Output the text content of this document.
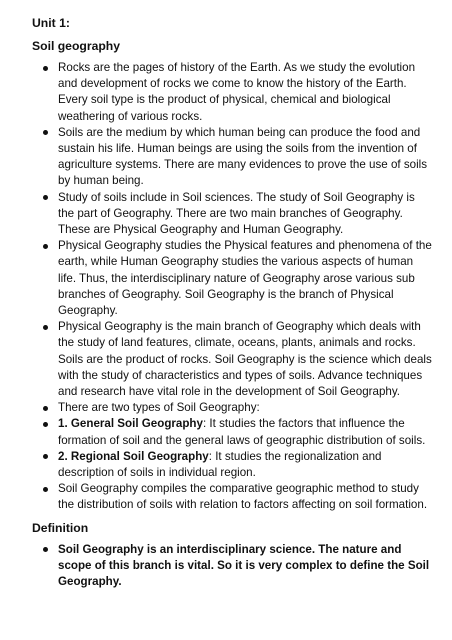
Unit 1:
Soil geography
Rocks are the pages of history of the Earth. As we study the evolution and development of rocks we come to know the history of the Earth. Every soil type is the product of physical, chemical and biological weathering of various rocks.
Soils are the medium by which human being can produce the food and sustain his life. Human beings are using the soils from the invention of agriculture systems. There are many evidences to prove the use of soils by human being.
Study of soils include in Soil sciences. The study of Soil Geography is the part of Geography. There are two main branches of Geography. These are Physical Geography and Human Geography.
Physical Geography studies the Physical features and phenomena of the earth, while Human Geography studies the various aspects of human life. Thus, the interdisciplinary nature of Geography arose various sub branches of Geography. Soil Geography is the branch of Physical Geography.
Physical Geography is the main branch of Geography which deals with the study of land features, climate, oceans, plants, animals and rocks. Soils are the product of rocks. Soil Geography is the science which deals with the study of characteristics and types of soils. Advance techniques and research have vital role in the development of Soil Geography.
There are two types of Soil Geography:
1. General Soil Geography: It studies the factors that influence the formation of soil and the general laws of geographic distribution of soils.
2. Regional Soil Geography: It studies the regionalization and description of soils in individual region.
Soil Geography compiles the comparative geographic method to study the distribution of soils with relation to factors affecting on soil formation.
Definition
Soil Geography is an interdisciplinary science. The nature and scope of this branch is vital. So it is very complex to define the Soil Geography.
